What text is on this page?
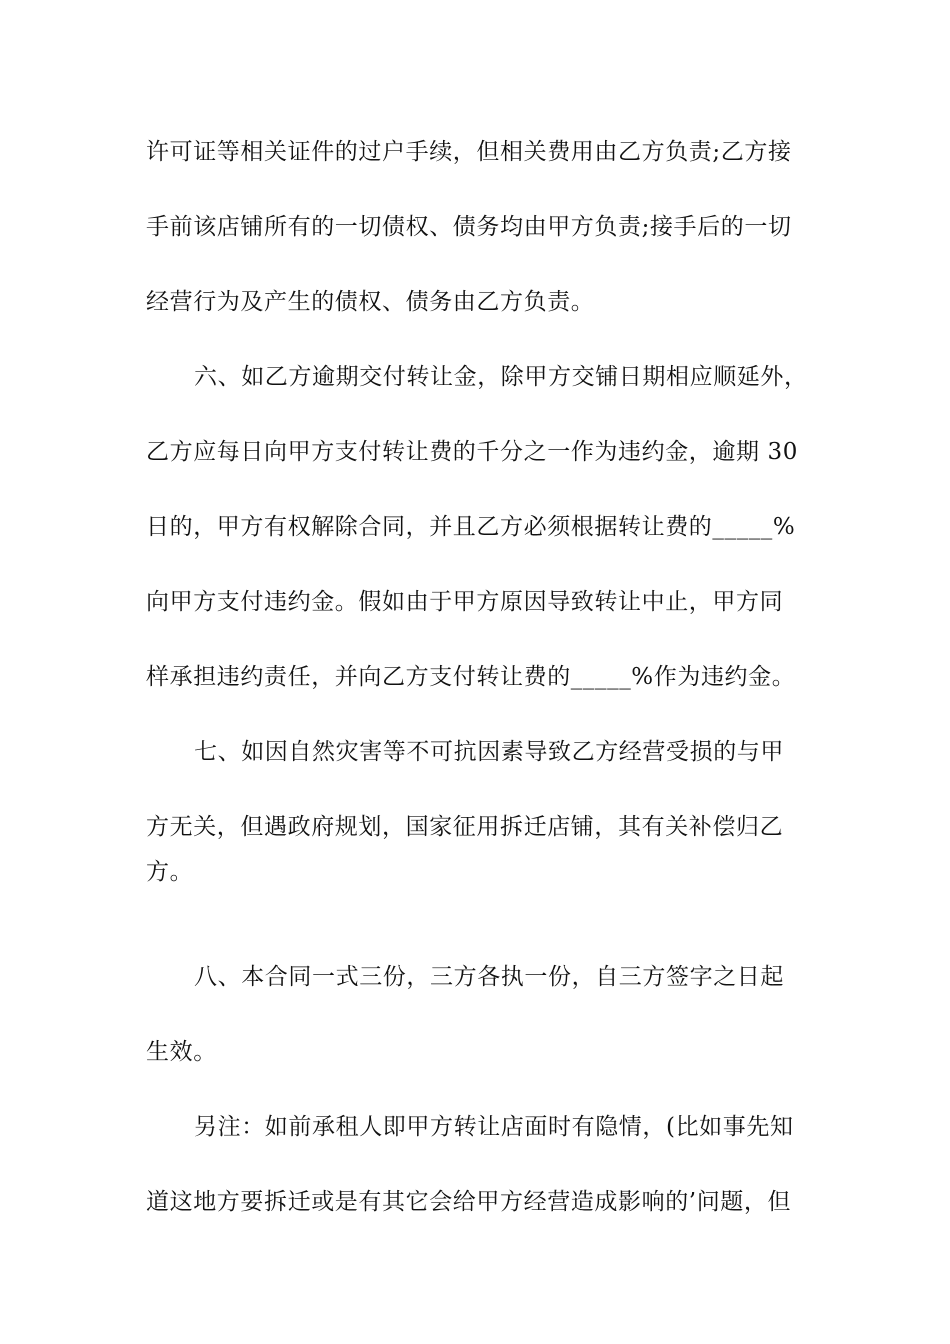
许可证等相关证件的过户手续，但相关费用由乙方负责;乙方接
手前该店铺所有的一切债权、债务均由甲方负责;接手后的一切
经营行为及产生的债权、债务由乙方负责。
六、如乙方逾期交付转让金，除甲方交铺日期相应顺延外，
乙方应每日向甲方支付转让费的千分之一作为违约金，逾期 30
日的，甲方有权解除合同，并且乙方必须根据转让费的_____%
向甲方支付违约金。假如由于甲方原因导致转让中止，甲方同
样承担违约责任，并向乙方支付转让费的_____%作为违约金。
七、如因自然灾害等不可抗因素导致乙方经营受损的与甲
方无关，但遇政府规划，国家征用拆迁店铺，其有关补偿归乙
方。
八、本合同一式三份，三方各执一份，自三方签字之日起
生效。
另注：如前承租人即甲方转让店面时有隐情，(比如事先知
道这地方要拆迁或是有其它会给甲方经营造成影响的’问题，但
